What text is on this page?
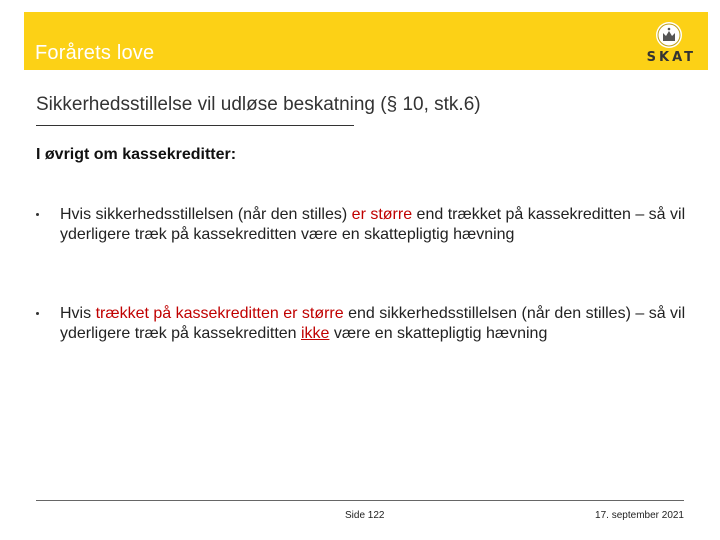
Forårets love	SKAT
Sikkerhedsstillelse vil udløse beskatning (§ 10, stk.6)
I øvrigt om kassekreditter:
Hvis sikkerhedsstillelsen (når den stilles) er større end trækket på kassekreditten – så vil yderligere træk på kassekreditten være en skattepligtig hævning
Hvis trækket på kassekreditten er større end sikkerhedsstillelsen (når den stilles) – så vil yderligere træk på kassekreditten ikke være en skattepligtig hævning
Side 122	17. september 2021
